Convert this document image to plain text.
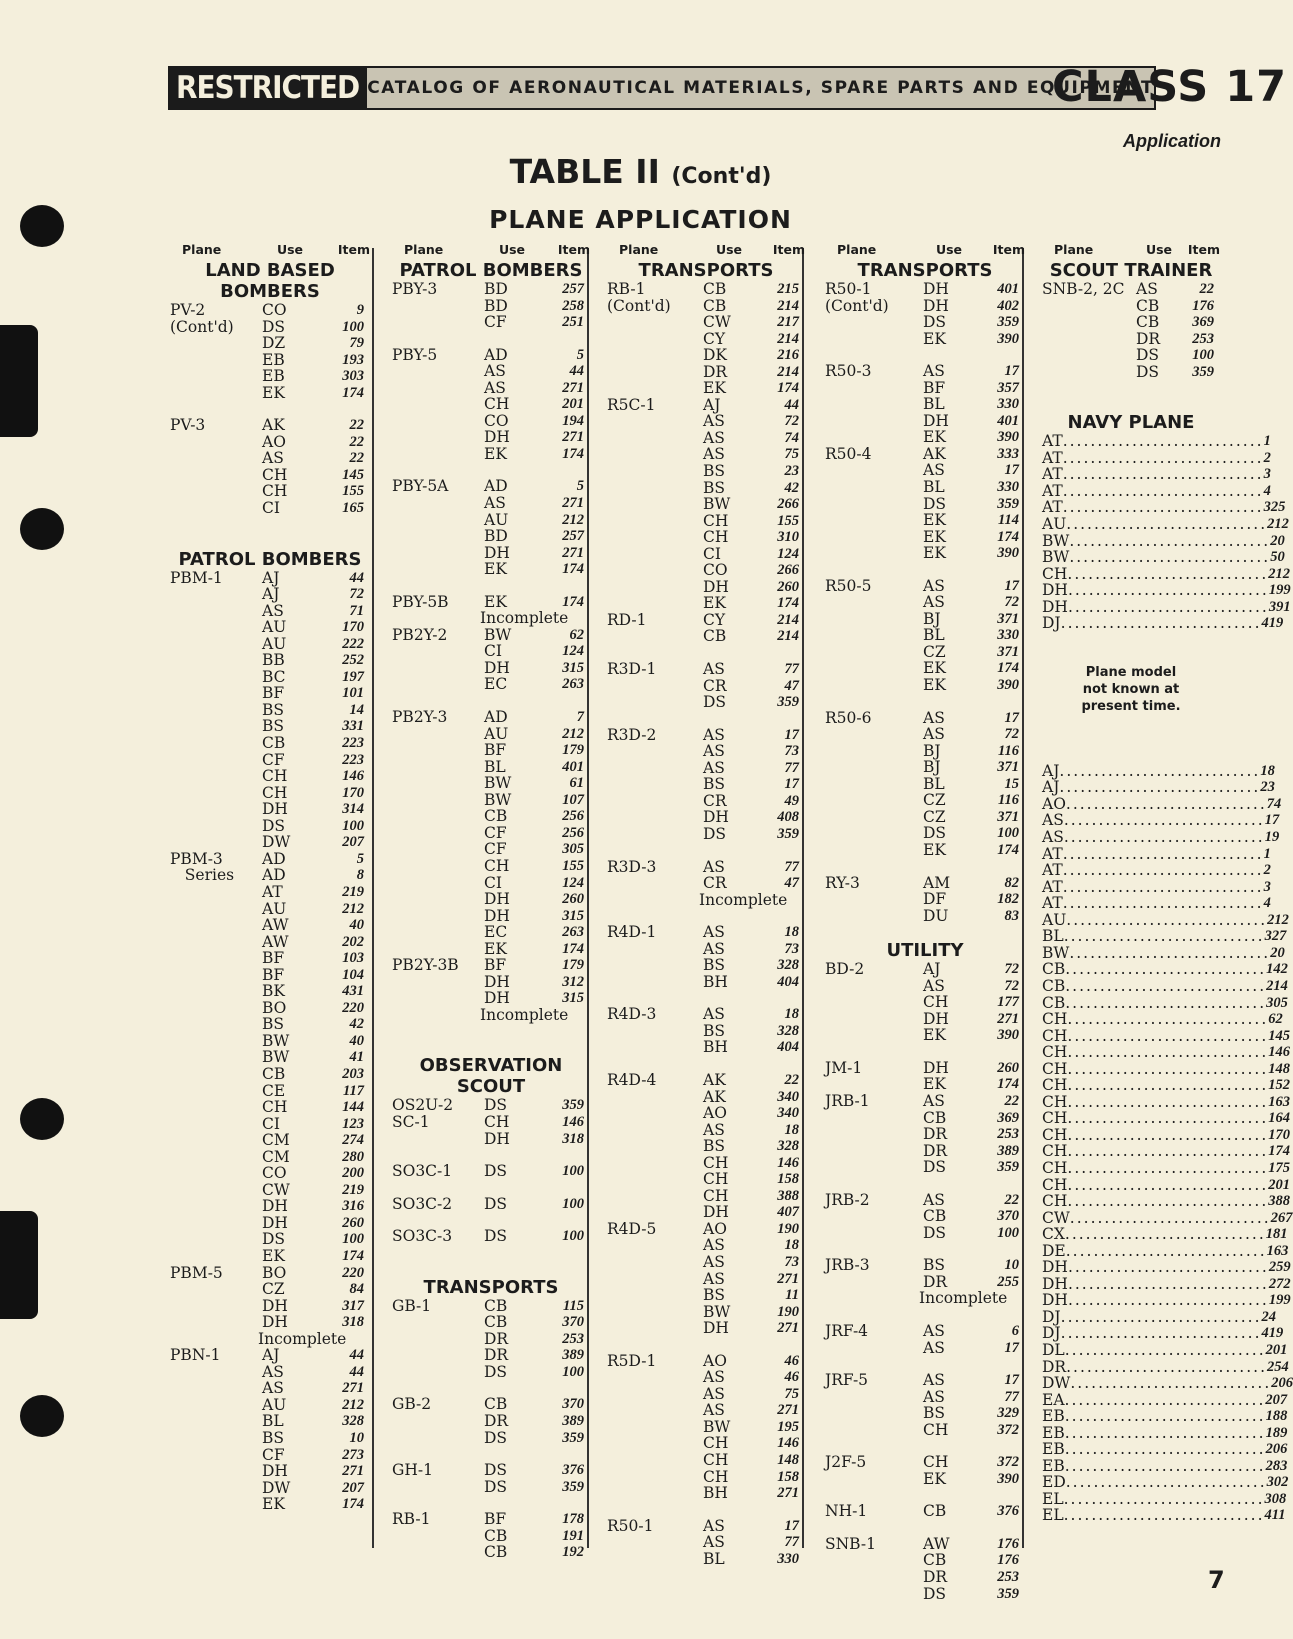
RESTRICTED CATALOG OF AERONAUTICAL MATERIALS, SPARE PARTS AND EQUIPMENT
CLASS 17
Application
TABLE II (Cont'd)
PLANE APPLICATION
Plane	Use	Item
LAND BASED
BOMBERS
PV-2	CO	9
(Cont'd)	DS	100
DZ	79
EB	193
EB	303
EK	174
PV-3	AK	22
AO	22
AS	22
CH	145
CH	155
CI	165
PATROL BOMBERS
PBM-1	AJ	44
AJ	72
AS	71
AU	170
AU	222
BB	252
BC	197
BF	101
BS	14
BS	331
CB	223
CF	223
CH	146
CH	170
DH	314
DS	100
DW	207
PBM-3	AD	5
Series	AD	8
AT	219
AU	212
AW	40
AW	202
BF	103
BF	104
BK	431
BO	220
BS	42
BW	40
BW	41
CB	203
CE	117
CH	144
CI	123
CM	274
CM	280
CO	200
CW	219
DH	316
DH	260
DS	100
EK	174
PBM-5	BO	220
CZ	84
DH	317
DH	318
Incomplete
PBN-1	AJ	44
AS	44
AS	271
AU	212
BL	328
BS	10
CF	273
DH	271
DW	207
EK	174
Plane	Use	Item
PATROL BOMBERS
PBY-3	BD	257
BD	258
CF	251
PBY-5	AD	5
AS	44
AS	271
CH	201
CO	194
DH	271
EK	174
PBY-5A	AD	5
AS	271
AU	212
BD	257
DH	271
EK	174
PBY-5B	EK	174
Incomplete
PB2Y-2	BW	62
CI	124
DH	315
EC	263
PB2Y-3	AD	7
AU	212
BF	179
BL	401
BW	61
BW	107
CB	256
CF	256
CF	305
CH	155
CI	124
DH	260
DH	315
EC	263
EK	174
PB2Y-3B	BF	179
DH	312
DH	315
Incomplete
OBSERVATION
SCOUT
OS2U-2	DS	359
SC-1	CH	146
DH	318
SO3C-1	DS	100
SO3C-2	DS	100
SO3C-3	DS	100
TRANSPORTS
GB-1	CB	115
CB	370
DR	253
DR	389
DS	100
GB-2	CB	370
DR	389
DS	359
GH-1	DS	376
DS	359
RB-1	BF	178
CB	191
CB	192
Plane	Use	Item
TRANSPORTS
RB-1	CB	215
(Cont'd)	CB	214
CW	217
CY	214
DK	216
DR	214
EK	174
R5C-1	AJ	44
AS	72
AS	74
AS	75
BS	23
BS	42
BW	266
CH	155
CH	310
CI	124
CO	266
DH	260
EK	174
RD-1	CY	214
CB	214
R3D-1	AS	77
CR	47
DS	359
R3D-2	AS	17
AS	73
AS	77
BS	17
CR	49
DH	408
DS	359
R3D-3	AS	77
CR	47
Incomplete
R4D-1	AS	18
AS	73
BS	328
BH	404
R4D-3	AS	18
BS	328
BH	404
R4D-4	AK	22
AK	340
AO	340
AS	18
BS	328
CH	146
CH	158
CH	388
DH	407
R4D-5	AO	190
AS	18
AS	73
AS	271
BS	11
BW	190
DH	271
R5D-1	AO	46
AS	46
AS	75
AS	271
BW	195
CH	146
CH	148
CH	158
BH	271
R50-1	AS	17
AS	77
BL	330
Plane	Use	Item
TRANSPORTS
R50-1	DH	401
(Cont'd)	DH	402
DS	359
EK	390
R50-3	AS	17
BF	357
BL	330
DH	401
EK	390
R50-4	AK	333
AS	17
BL	330
DS	359
EK	114
EK	174
EK	390
R50-5	AS	17
AS	72
BJ	371
BL	330
CZ	371
EK	174
EK	390
R50-6	AS	17
AS	72
BJ	116
BJ	371
BL	15
CZ	116
CZ	371
DS	100
EK	174
RY-3	AM	82
DF	182
DU	83
UTILITY
BD-2	AJ	72
AS	72
CH	177
DH	271
EK	390
JM-1	DH	260
EK	174
JRB-1	AS	22
CB	369
DR	253
DR	389
DS	359
JRB-2	AS	22
CB	370
DS	100
JRB-3	BS	10
DR	255
Incomplete
JRF-4	AS	6
AS	17
JRF-5	AS	17
AS	77
BS	329
CH	372
J2F-5	CH	372
EK	390
NH-1	CB	376
SNB-1	AW	176
CB	176
DR	253
DS	359
Plane	Use	Item
SCOUT TRAINER
SNB-2, 2C AS	22
CB	176
CB	369
DR	253
DS	100
DS	359
NAVY PLANE
AT ............................. 1
AT ............................. 2
AT ............................. 3
AT ............................. 4
AT ............................. 325
AU ............................. 212
BW ............................. 20
BW ............................. 50
CH ............................. 212
DH ............................. 199
DH ............................. 391
DJ ............................. 419
Plane model
not known at
present time.
AJ ............................. 18
AJ ............................. 23
AO ............................. 74
AS ............................. 17
AS ............................. 19
AT ............................. 1
AT ............................. 2
AT ............................. 3
AT ............................. 4
AU ............................. 212
BL ............................. 327
BW ............................. 20
CB ............................. 142
CB ............................. 214
CB ............................. 305
CH ............................. 62
CH ............................. 145
CH ............................. 146
CH ............................. 148
CH ............................. 152
CH ............................. 163
CH ............................. 164
CH ............................. 170
CH ............................. 174
CH ............................. 175
CH ............................. 201
CH ............................. 388
CW ............................. 267
CX ............................. 181
DE ............................. 163
DH ............................. 259
DH ............................. 272
DH ............................. 199
DJ ............................. 24
DJ ............................. 419
DL ............................. 201
DR ............................. 254
DW ............................. 206
EA ............................. 207
EB ............................. 188
EB ............................. 189
EB ............................. 206
EB ............................. 283
ED ............................. 302
EL ............................. 308
EL ............................. 411
7
